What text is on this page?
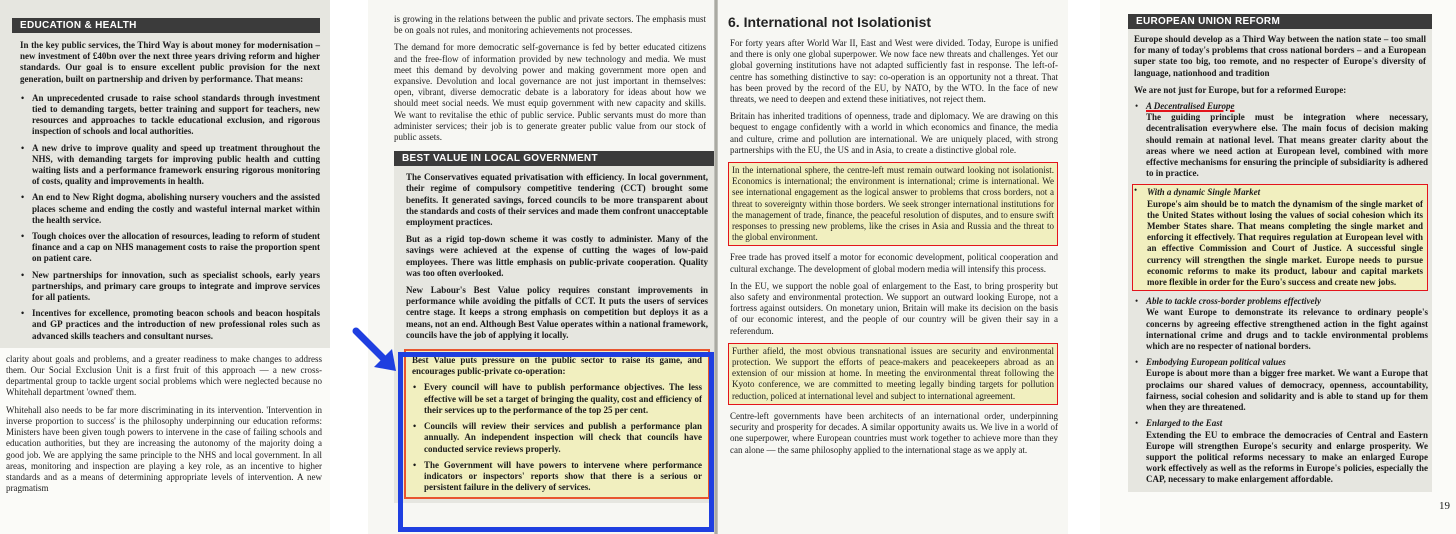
EDUCATION & HEALTH
In the key public services, the Third Way is about money for modernisation – new investment of £40bn over the next three years driving reform and higher standards. Our goal is to ensure excellent public provision for the next generation, built on partnership and driven by performance. That means:
• An unprecedented crusade to raise school standards through investment tied to demanding targets, better training and support for teachers, new resources and approaches to tackle educational exclusion, and rigorous inspection of schools and local authorities.
• A new drive to improve quality and speed up treatment throughout the NHS, with demanding targets for improving public health and cutting waiting lists and a performance framework ensuring rigorous monitoring of costs, quality and improvements in health.
• An end to New Right dogma, abolishing nursery vouchers and the assisted places scheme and ending the costly and wasteful internal market within the health service.
• Tough choices over the allocation of resources, leading to reform of student finance and a cap on NHS management costs to raise the proportion spent on patient care.
• New partnerships for innovation, such as specialist schools, early years partnerships, and primary care groups to integrate and improve services for all patients.
• Incentives for excellence, promoting beacon schools and beacon hospitals and GP practices and the introduction of new professional roles such as advanced skills teachers and consultant nurses.
clarity about goals and problems, and a greater readiness to make changes to address them. Our Social Exclusion Unit is a first fruit of this approach — a new cross-departmental group to tackle urgent social problems which were neglected because no Whitehall department 'owned' them.
Whitehall also needs to be far more discriminating in its intervention. 'Intervention in inverse proportion to success' is the philosophy underpinning our education reforms: Ministers have been given tough powers to intervene in the case of failing schools and education authorities, but they are increasing the autonomy of the majority doing a good job. We are applying the same principle to the NHS and local government. In all areas, monitoring and inspection are playing a key role, as an incentive to higher standards and as a means of determining appropriate levels of intervention. A new pragmatism
is growing in the relations between the public and private sectors. The emphasis must be on goals not rules, and monitoring achievements not processes.
The demand for more democratic self-governance is fed by better educated citizens and the free-flow of information provided by new technology and media. We must meet this demand by devolving power and making government more open and expansive. Devolution and local governance are not just important in themselves: open, vibrant, diverse democratic debate is a laboratory for ideas about how we should meet social needs. We must equip government with new capacity and skills. We want to revitalise the ethic of public service. Public servants must do more than administer services; their job is to generate greater public value from our stock of public assets.
BEST VALUE IN LOCAL GOVERNMENT
The Conservatives equated privatisation with efficiency. In local government, their regime of compulsory competitive tendering (CCT) brought some benefits. It generated savings, forced councils to be more transparent about the standards and costs of their services and made them confront unacceptable employment practices.
But as a rigid top-down scheme it was costly to administer. Many of the savings were achieved at the expense of cutting the wages of low-paid employees. There was little emphasis on public-private cooperation. Quality was too often overlooked.
New Labour's Best Value policy requires constant improvements in performance while avoiding the pitfalls of CCT. It puts the users of services centre stage. It keeps a strong emphasis on competition but deploys it as a means, not an end. Although Best Value operates within a national framework, councils have the job of applying it locally.
Best Value puts pressure on the public sector to raise its game, and encourages public-private co-operation:
• Every council will have to publish performance objectives. The less effective will be set a target of bringing the quality, cost and efficiency of their services up to the performance of the top 25 per cent.
• Councils will review their services and publish a performance plan annually. An independent inspection will check that councils have conducted service reviews properly.
• The Government will have powers to intervene where performance indicators or inspectors' reports show that there is a serious or persistent failure in the delivery of services.
6. International not Isolationist
For forty years after World War II, East and West were divided. Today, Europe is unified and there is only one global superpower. We now face new threats and challenges. Yet our global governing institutions have not adapted sufficiently fast in response. The left-of-centre has something distinctive to say: co-operation is an opportunity not a threat. That has been proved by the record of the EU, by NATO, by the WTO. In the face of new threats, we need to deepen and extend these initiatives, not reject them.
Britain has inherited traditions of openness, trade and diplomacy. We are drawing on this bequest to engage confidently with a world in which economics and finance, the media and culture, crime and pollution are international. We are uniquely placed, with strong partnerships with the EU, the US and in Asia, to create a distinctive global role.
In the international sphere, the centre-left must remain outward looking not isolationist. Economics is international; the environment is international; crime is international. We see international engagement as the logical answer to problems that cross borders, not a threat to sovereignty within those borders. We seek stronger international institutions for the management of trade, finance, the peaceful resolution of disputes, and to ensure swift responses to pressing new problems, like the crises in Asia and Russia and the threat to the global environment.
Free trade has proved itself a motor for economic development, political cooperation and cultural exchange. The development of global modern media will intensify this process.
In the EU, we support the noble goal of enlargement to the East, to bring prosperity but also safety and environmental protection. We support an outward looking Europe, not a fortress against outsiders. On monetary union, Britain will make its decision on the basis of our economic interest, and the people of our country will be given their say in a referendum.
Further afield, the most obvious transnational issues are security and environmental protection. We support the efforts of peace-makers and peacekeepers abroad as an extension of our mission at home. In meeting the environmental threat following the Kyoto conference, we are committed to meeting legally binding targets for pollution reduction, policed at international level and subject to international agreement.
Centre-left governments have been architects of an international order, underpinning security and prosperity for decades. A similar opportunity awaits us. We live in a world of one superpower, where European countries must work together to achieve more than they can alone — the same philosophy applied to the international stage as we apply at.
EUROPEAN UNION REFORM
Europe should develop as a Third Way between the nation state – too small for many of today's problems that cross national borders – and a European super state too big, too remote, and no respecter of Europe's diversity of language, nationhood and tradition
We are not just for Europe, but for a reformed Europe:
• A Decentralised Europe
The guiding principle must be integration where necessary, decentralisation everywhere else. The main focus of decision making should remain at national level. That means greater clarity about the areas where we need action at European level, combined with more effective mechanisms for ensuring the principle of subsidiarity is adhered to in practice.
• With a dynamic Single Market
Europe's aim should be to match the dynamism of the single market of the United States without losing the values of social cohesion which its Member States share. That means completing the single market and enforcing it effectively. That requires regulation at European level with an effective Commission and Court of Justice. A successful single currency will strengthen the single market. Europe needs to pursue economic reforms to make its product, labour and capital markets more flexible in order for the Euro's success and create new jobs.
• Able to tackle cross-border problems effectively
We want Europe to demonstrate its relevance to ordinary people's concerns by agreeing effective strengthened action in the fight against international crime and drugs and to tackle environmental problems which are no respecter of national borders.
• Embodying European political values
Europe is about more than a bigger free market. We want a Europe that proclaims our shared values of democracy, openness, accountability, fairness, social cohesion and solidarity and is able to stand up for them when they are threatened.
• Enlarged to the East
Extending the EU to embrace the democracies of Central and Eastern Europe will strengthen Europe's security and enlarge prosperity. We support the political reforms necessary to make an enlarged Europe work effectively as well as the reforms in Europe's policies, especially the CAP, necessary to make enlargement affordable.
19
